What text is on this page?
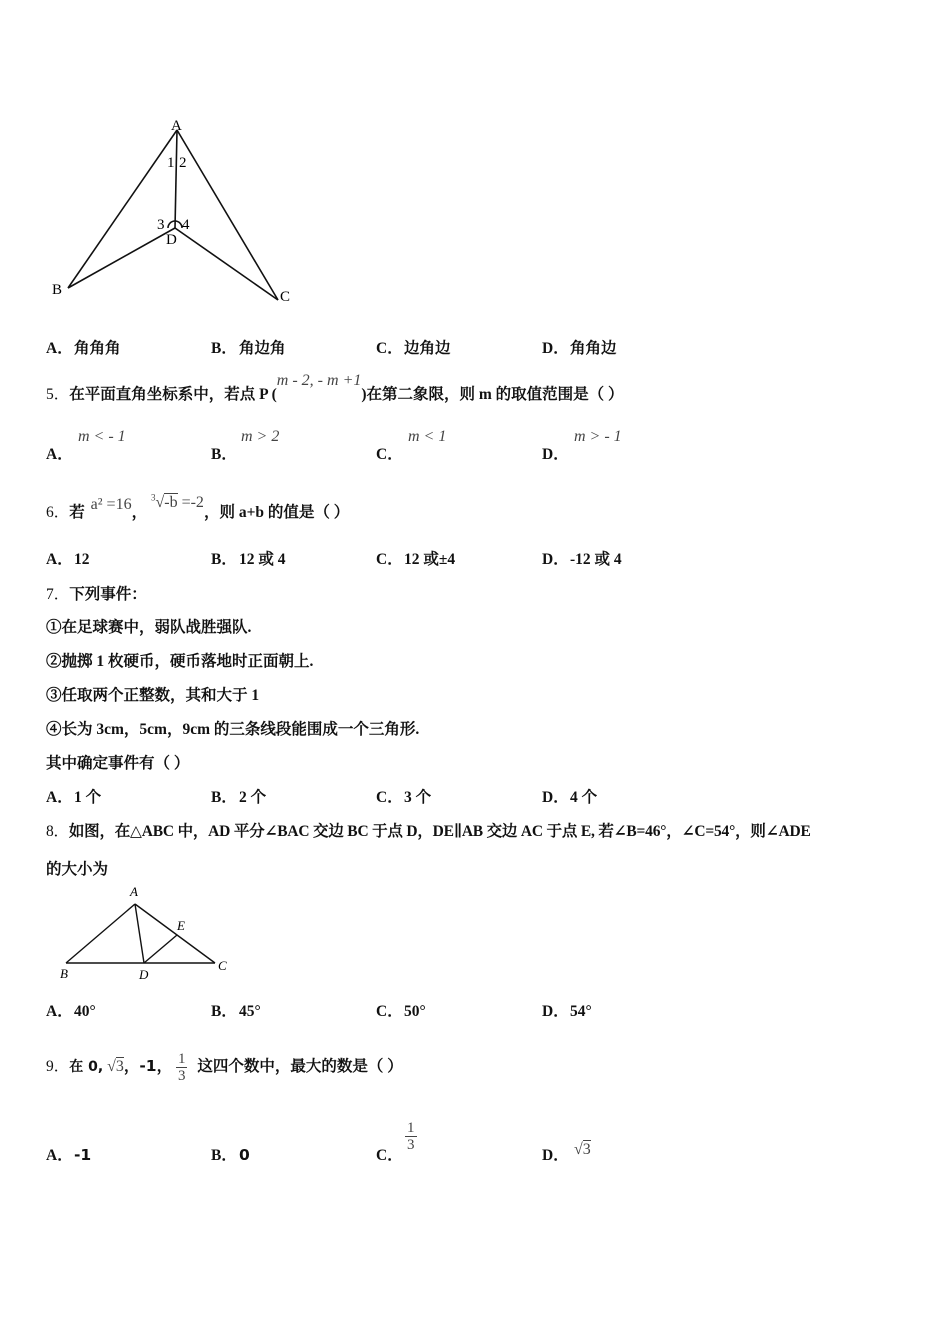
A
1 2
3 4
D
B	C
A．角角角	B． 角边角	C．边角边	D．角角边
5．在平面直角坐标系中，若点 P (m - 2, - m +1)在第二象限，则 m 的取值范围是（ ）
A．
m < - 1
B．
m > 2
C．
m < 1
D．
m > - 1
6．若 a² =16， $^3$√-b =-2，则 a+b 的值是（ ）
A．12	B． 12 或 4	C．12 或±4	D．-12 或 4
7．下列事件：
①在足球赛中，弱队战胜强队.
②抛掷 1 枚硬币，硬币落地时正面朝上.
③任取两个正整数，其和大于 1
④长为 3cm，5cm，9cm 的三条线段能围成一个三角形.
其中确定事件有（ ）
A．1 个	B． 2 个	C．3 个	D．4 个
8．如图，在△ABC 中，AD 平分∠BAC 交边 BC 于点 D，DE∥AB 交边 AC 于点 E, 若∠B=46°，∠C=54°，则∠ADE
的大小为
A
E
B	D
C
A．40°	B． 45°	C．50°	D．54°
9．在 0, √3，-1， $\frac{1}{3}$ 这四个数中，最大的数是（ ）
A．-1	B． 0	C．
$\frac{1}{3}$
D． √3
